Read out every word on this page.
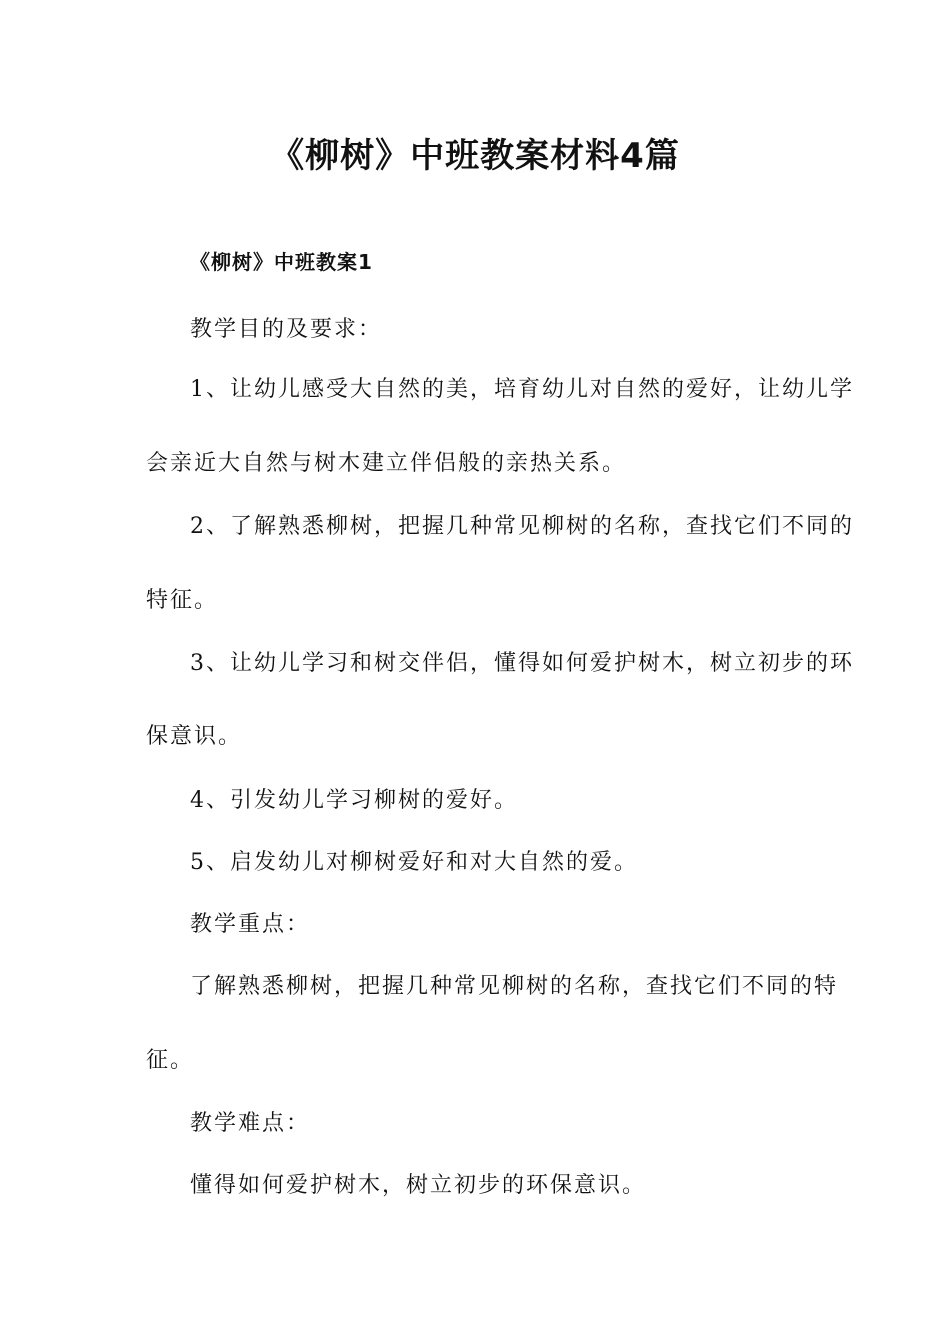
《柳树》中班教案材料4篇

《柳树》中班教案1

教学目的及要求：

1、让幼儿感受大自然的美，培育幼儿对自然的爱好，让幼儿学

会亲近大自然与树木建立伴侣般的亲热关系。

2、了解熟悉柳树，把握几种常见柳树的名称，查找它们不同的

特征。

3、让幼儿学习和树交伴侣，懂得如何爱护树木，树立初步的环

保意识。

4、引发幼儿学习柳树的爱好。

5、启发幼儿对柳树爱好和对大自然的爱。

教学重点：

了解熟悉柳树，把握几种常见柳树的名称，查找它们不同的特

征。

教学难点：

懂得如何爱护树木，树立初步的环保意识。
